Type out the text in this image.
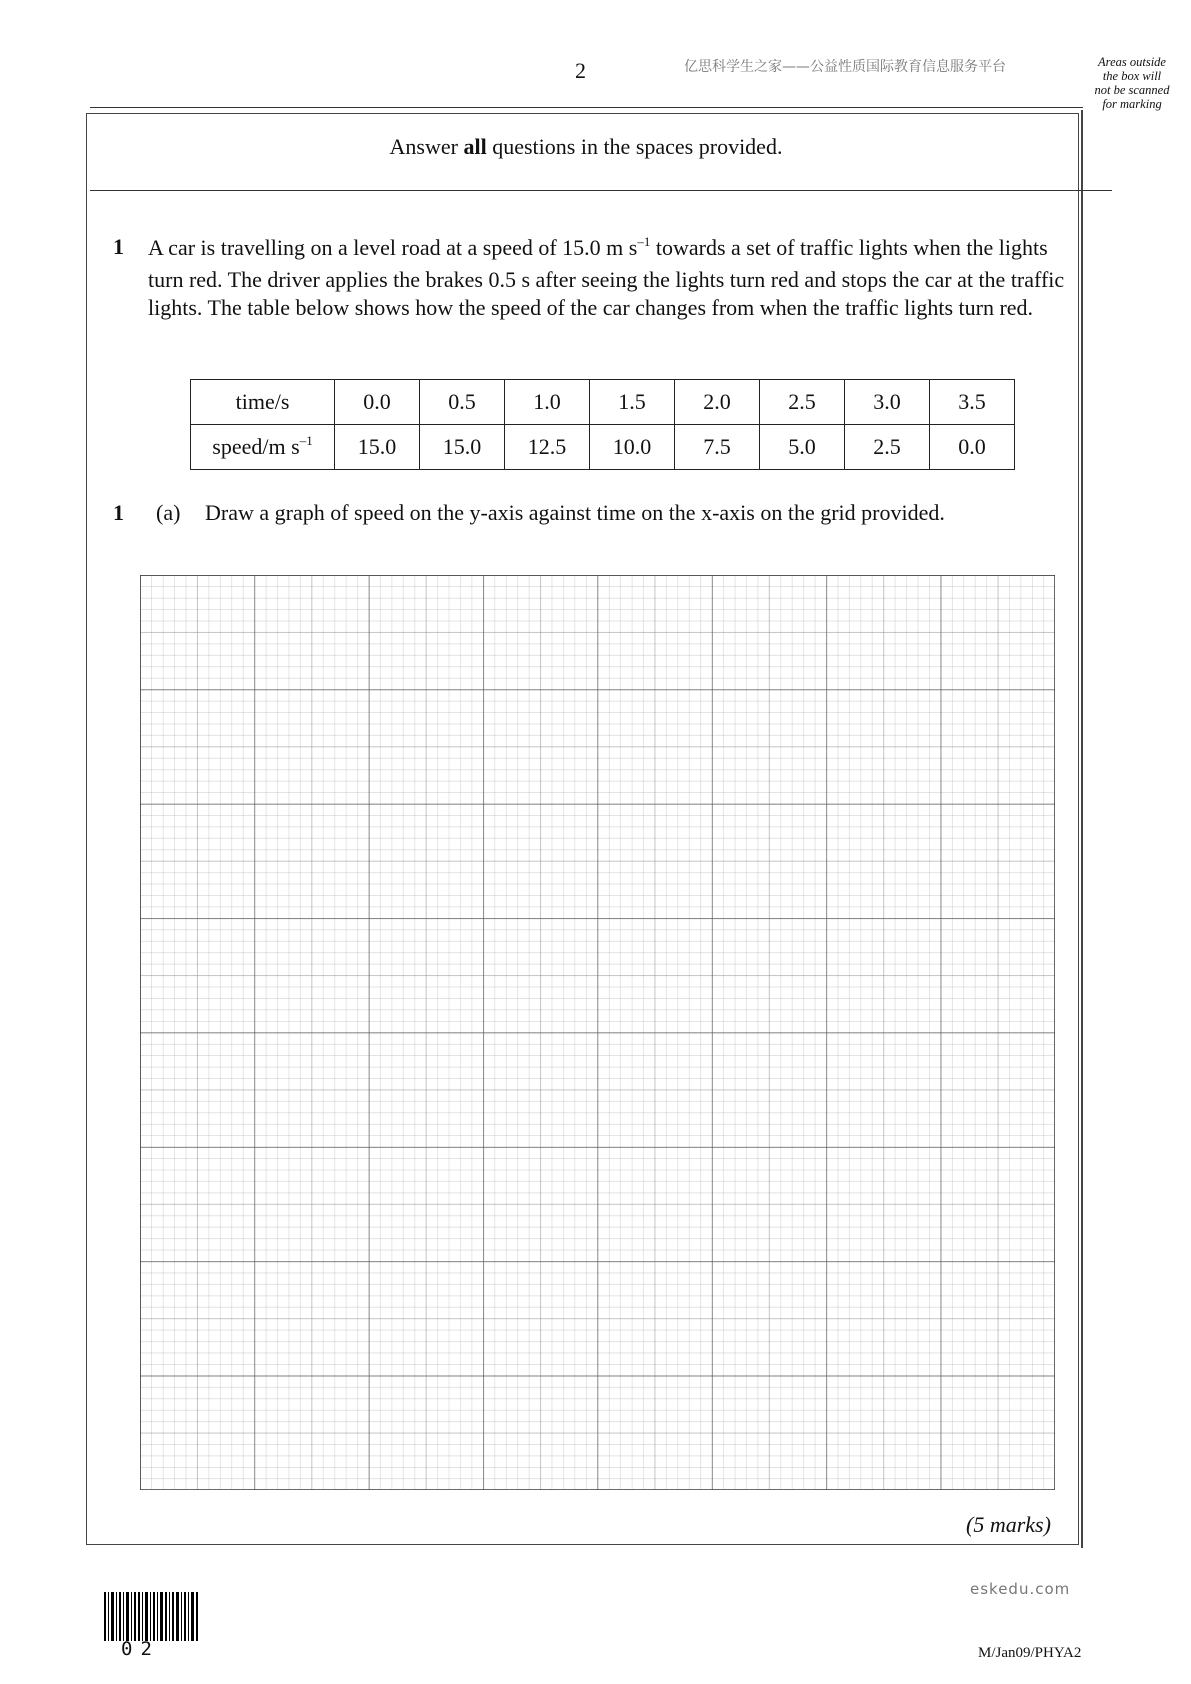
2	亿思科学生之家——公益性质国际教育信息服务平台	Areas outside
the box will
not be scanned
for marking
Answer all questions in the spaces provided.
1 A car is travelling on a level road at a speed of 15.0 m $s^{-1}$ towards a set of traffic lights when the lights turn red. The driver applies the brakes 0.5 s after seeing the lights turn red and stops the car at the traffic lights. The table below shows how the speed of the car changes from when the traffic lights turn red.
time/s	0.0	0.5	1.0	1.5	2.0	2.5	3.0	3.5
speed/m $s^{-1}$	15.0	15.0	12.5	10.0	7.5	5.0	2.5	0.0
1 (a) Draw a graph of speed on the y-axis against time on the x-axis on the grid provided.
(5 marks)
02
eskedu.com
M/Jan09/PHYA2
